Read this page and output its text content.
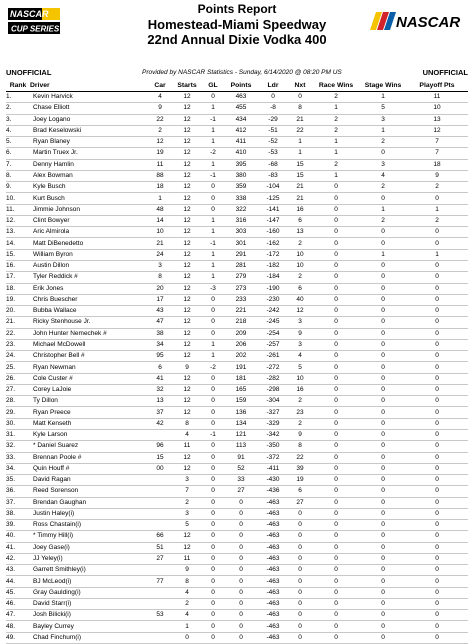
NASCAR
CUP SERIES
Points Report
Homestead-Miami Speedway
22nd Annual Dixie Vodka 400
NASCAR
UNOFFICIAL	Provided by NASCAR Statistics - Sunday, 6/14/2020 @ 08:20 PM US	UNOFFICIAL
Rank	Driver	Car	Starts	GL	Points	Ldr	Nxt	Race Wins	Stage Wins	Playoff Pts
1.	Kevin Harvick	4	12	0	463	0	0	2	1	11
2.	Chase Elliott	9	12	1	455	-8	8	1	5	10
3.	Joey Logano	22	12	-1	434	-29	21	2	3	13
4.	Brad Keselowski	2	12	1	412	-51	22	2	1	12
5.	Ryan Blaney	12	12	1	411	-52	1	1	2	7
6.	Martin Truex Jr.	19	12	-2	410	-53	1	1	0	7
7.	Denny Hamlin	11	12	1	395	-68	15	2	3	18
8.	Alex Bowman	88	12	-1	380	-83	15	1	4	9
9.	Kyle Busch	18	12	0	359	-104	21	0	2	2
10.	Kurt Busch	1	12	0	338	-125	21	0	0	0
11.	Jimmie Johnson	48	12	0	322	-141	16	0	1	1
12.	Clint Bowyer	14	12	1	316	-147	6	0	2	2
13.	Aric Almirola	10	12	1	303	-160	13	0	0	0
14.	Matt DiBenedetto	21	12	-1	301	-162	2	0	0	0
15.	William Byron	24	12	1	291	-172	10	0	1	1
16.	Austin Dillon	3	12	1	281	-182	10	0	0	0
17.	Tyler Reddick #	8	12	1	279	-184	2	0	0	0
18.	Erik Jones	20	12	-3	273	-190	6	0	0	0
19.	Chris Buescher	17	12	0	233	-230	40	0	0	0
20.	Bubba Wallace	43	12	0	221	-242	12	0	0	0
21.	Ricky Stenhouse Jr.	47	12	0	218	-245	3	0	0	0
22.	John Hunter Nemechek #	38	12	0	209	-254	9	0	0	0
23.	Michael McDowell	34	12	1	206	-257	3	0	0	0
24.	Christopher Bell #	95	12	1	202	-261	4	0	0	0
25.	Ryan Newman	6	9	-2	191	-272	5	0	0	0
26.	Cole Custer #	41	12	0	181	-282	10	0	0	0
27.	Corey LaJoie	32	12	0	165	-298	16	0	0	0
28.	Ty Dillon	13	12	0	159	-304	2	0	0	0
29.	Ryan Preece	37	12	0	136	-327	23	0	0	0
30.	Matt Kenseth	42	8	0	134	-329	2	0	0	0
31.	Kyle Larson		4	-1	121	-342	9	0	0	0
32.	* Daniel Suarez	96	11	0	113	-350	8	0	0	0
33.	Brennan Poole #	15	12	0	91	-372	22	0	0	0
34.	Quin Houff #	00	12	0	52	-411	39	0	0	0
35.	David Ragan		3	0	33	-430	19	0	0	0
36.	Reed Sorenson		7	0	27	-436	6	0	0	0
37.	Brendan Gaughan		2	0	0	-463	27	0	0	0
38.	Justin Haley(i)		3	0	0	-463	0	0	0	0
39.	Ross Chastain(i)		5	0	0	-463	0	0	0	0
40.	* Timmy Hill(i)	66	12	0	0	-463	0	0	0	0
41.	Joey Gase(i)	51	12	0	0	-463	0	0	0	0
42.	JJ Yeley(i)	27	11	0	0	-463	0	0	0	0
43.	Garrett Smithley(i)		9	0	0	-463	0	0	0	0
44.	BJ McLeod(i)	77	8	0	0	-463	0	0	0	0
45.	Gray Gaulding(i)		4	0	0	-463	0	0	0	0
46.	David Starr(i)		2	0	0	-463	0	0	0	0
47.	Josh Bilicki(i)	53	4	0	0	-463	0	0	0	0
48.	Bayley Currey		1	0	0	-463	0	0	0	0
49.	Chad Finchum(i)		0	0	0	-463	0	0	0	0
